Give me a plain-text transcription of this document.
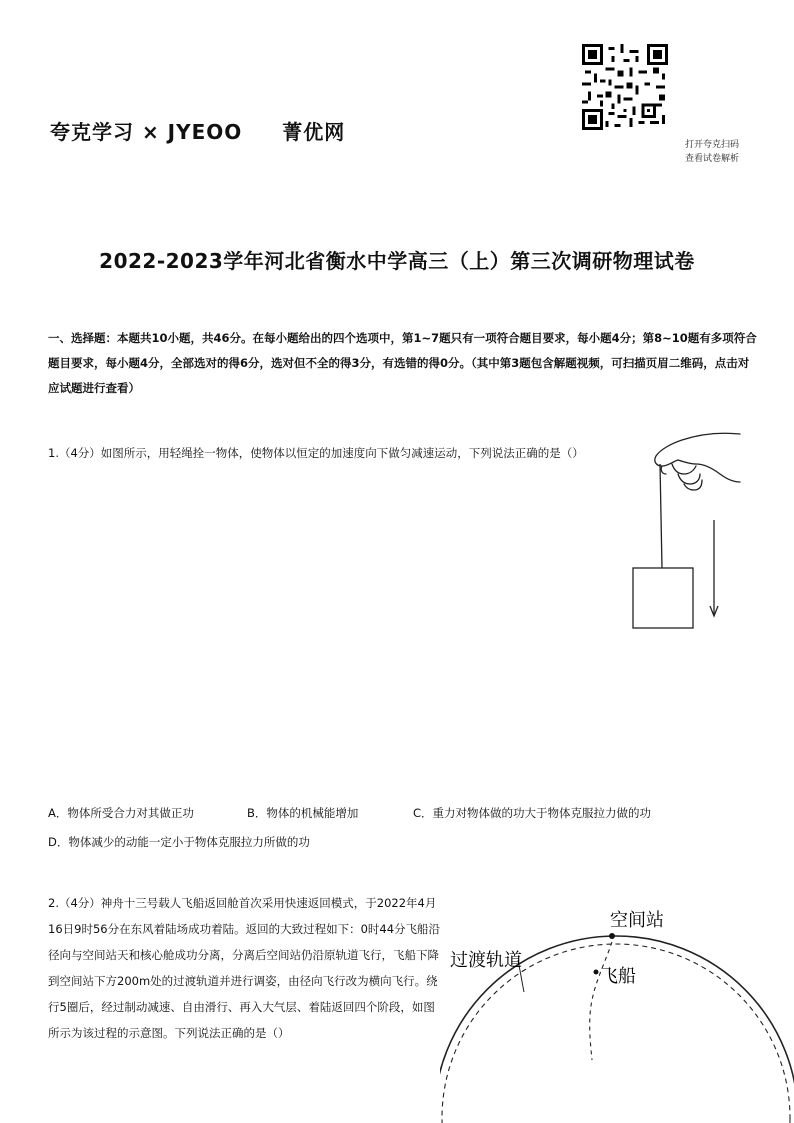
夸克学习 × JYEOO 菁优网
打开夸克扫码
查看试卷解析
2022-2023学年河北省衡水中学高三（上）第三次调研物理试卷
一、选择题：本题共10小题，共46分。在每小题给出的四个选项中，第1~7题只有一项符合题目要求，每小题4分；第8~10题有多项符合题目要求，每小题4分，全部选对的得6分，选对但不全的得3分，有选错的得0分。（其中第3题包含解题视频，可扫描页眉二维码，点击对应试题进行查看）
1.（4分）如图所示，用轻绳拴一物体，使物体以恒定的加速度向下做匀减速运动，下列说法正确的是（）
A．物体所受合力对其做正功	B．物体的机械能增加	C．重力对物体做的功大于物体克服拉力做的功
D．物体减少的动能一定小于物体克服拉力所做的功
2.（4分）神舟十三号载人飞船返回舱首次采用快速返回模式，于2022年4月16日9时56分在东风着陆场成功着陆。返回的大致过程如下：0时44分飞船沿径向与空间站天和核心舱成功分离，分离后空间站仍沿原轨道飞行，飞船下降到空间站下方200m处的过渡轨道并进行调姿，由径向飞行改为横向飞行。绕行5圈后，经过制动减速、自由滑行、再入大气层、着陆返回四个阶段，如图所示为该过程的示意图。下列说法正确的是（）
空间站
过渡轨道
飞船
